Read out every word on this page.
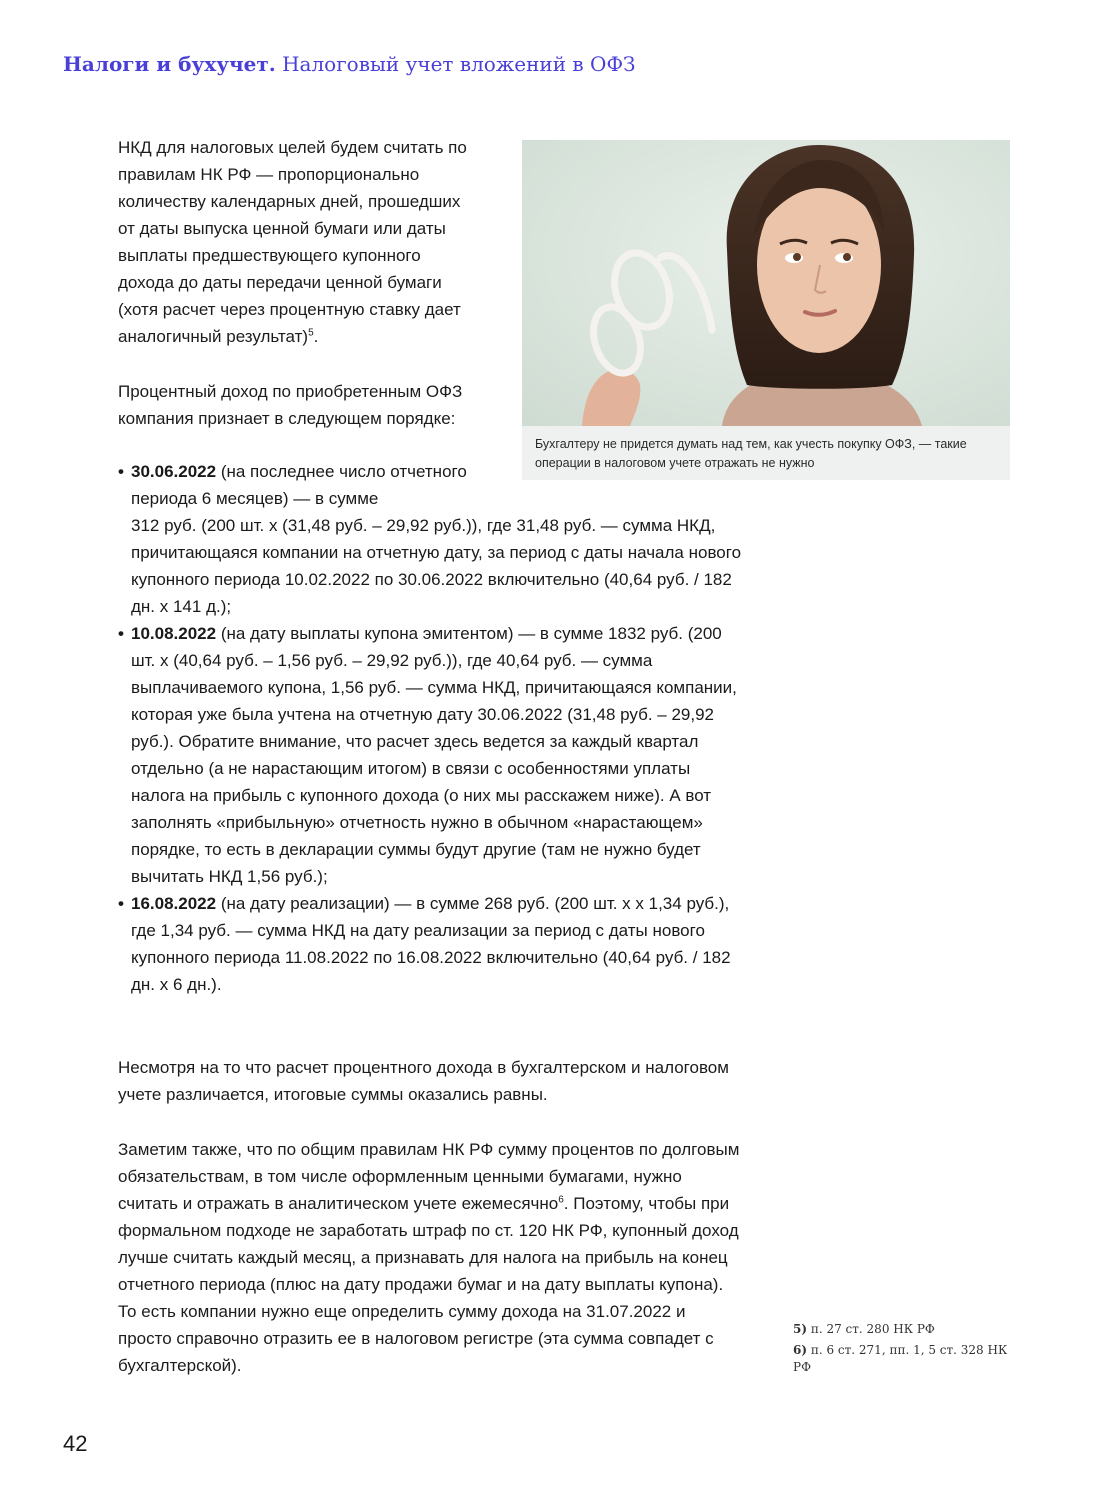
Налоги и бухучет. Налоговый учет вложений в ОФЗ

НКД для налоговых целей будем считать по правилам НК РФ — пропорционально количеству календарных дней, прошедших от даты выпуска ценной бумаги или даты выплаты предшествующего купонного дохода до даты передачи ценной бумаги (хотя расчет через процентную ставку дает аналогичный результат)$^5$.

Процентный доход по приобретенным ОФЗ компания признает в следующем порядке:

• 30.06.2022 (на последнее число отчетного периода 6 месяцев) — в сумме
312 руб. (200 шт. х (31,48 руб. – 29,92 руб.)), где 31,48 руб. — сумма НКД, причитающаяся компании на отчетную дату, за период с даты начала нового купонного периода 10.02.2022 по 30.06.2022 включительно (40,64 руб. / 182 дн. х 141 д.);
• 10.08.2022 (на дату выплаты купона эмитентом) — в сумме 1832 руб. (200 шт. х (40,64 руб. – 1,56 руб. – 29,92 руб.)), где 40,64 руб. — сумма выплачиваемого купона, 1,56 руб. — сумма НКД, причитающаяся компании, которая уже была учтена на отчетную дату 30.06.2022 (31,48 руб. – 29,92 руб.). Обратите внимание, что расчет здесь ведется за каждый квартал отдельно (а не нарастающим итогом) в связи с особенностями уплаты налога на прибыль с купонного дохода (о них мы расскажем ниже). А вот заполнять «прибыльную» отчетность нужно в обычном «нарастающем» порядке, то есть в декларации суммы будут другие (там не нужно будет вычитать НКД 1,56 руб.);
• 16.08.2022 (на дату реализации) — в сумме 268 руб. (200 шт. х х 1,34 руб.), где 1,34 руб. — сумма НКД на дату реализации за период с даты нового купонного периода 11.08.2022 по 16.08.2022 включительно (40,64 руб. / 182 дн. х 6 дн.).

Несмотря на то что расчет процентного дохода в бухгалтерском и налоговом учете различается, итоговые суммы оказались равны.

Заметим также, что по общим правилам НК РФ сумму процентов по долговым обязательствам, в том числе оформленным ценными бумагами, нужно считать и отражать в аналитическом учете ежемесячно$^6$. Поэтому, чтобы при формальном подходе не заработать штраф по ст. 120 НК РФ, купонный доход лучше считать каждый месяц, а признавать для налога на прибыль на конец отчетного периода (плюс на дату продажи бумаг и на дату выплаты купона). То есть компании нужно еще определить сумму дохода на 31.07.2022 и просто справочно отразить ее в налоговом регистре (эта сумма совпадет с бухгалтерской).

Бухгалтеру не придется думать над тем, как учесть покупку ОФЗ, — такие операции в налоговом учете отражать не нужно
5) п. 27 ст. 280 НК РФ
6) п. 6 ст. 271, пп. 1, 5 ст. 328 НК РФ
42
